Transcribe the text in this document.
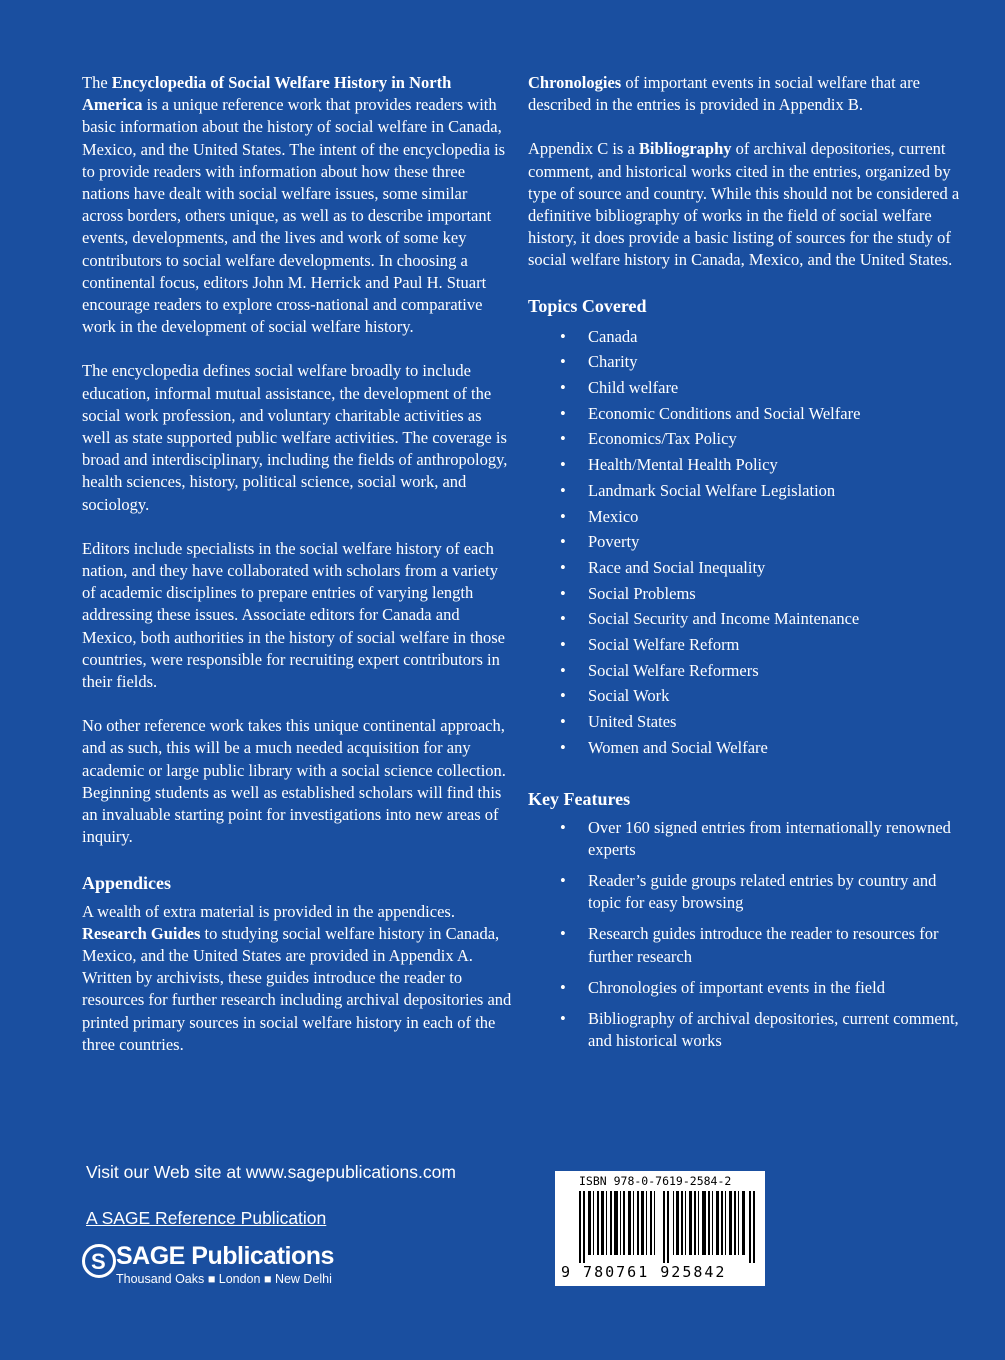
The Encyclopedia of Social Welfare History in North America is a unique reference work that provides readers with basic information about the history of social welfare in Canada, Mexico, and the United States. The intent of the encyclopedia is to provide readers with information about how these three nations have dealt with social welfare issues, some similar across borders, others unique, as well as to describe important events, developments, and the lives and work of some key contributors to social welfare developments. In choosing a continental focus, editors John M. Herrick and Paul H. Stuart encourage readers to explore cross-national and comparative work in the development of social welfare history.

The encyclopedia defines social welfare broadly to include education, informal mutual assistance, the development of the social work profession, and voluntary charitable activities as well as state supported public welfare activities. The coverage is broad and interdisciplinary, including the fields of anthropology, health sciences, history, political science, social work, and sociology.

Editors include specialists in the social welfare history of each nation, and they have collaborated with scholars from a variety of academic disciplines to prepare entries of varying length addressing these issues. Associate editors for Canada and Mexico, both authorities in the history of social welfare in those countries, were responsible for recruiting expert contributors in their fields.

No other reference work takes this unique continental approach, and as such, this will be a much needed acquisition for any academic or large public library with a social science collection. Beginning students as well as established scholars will find this an invaluable starting point for investigations into new areas of inquiry.

Appendices

A wealth of extra material is provided in the appendices. Research Guides to studying social welfare history in Canada, Mexico, and the United States are provided in Appendix A. Written by archivists, these guides introduce the reader to resources for further research including archival depositories and printed primary sources in social welfare history in each of the three countries.

Chronologies of important events in social welfare that are described in the entries is provided in Appendix B.

Appendix C is a Bibliography of archival depositories, current comment, and historical works cited in the entries, organized by type of source and country. While this should not be considered a definitive bibliography of works in the field of social welfare history, it does provide a basic listing of sources for the study of social welfare history in Canada, Mexico, and the United States.

Topics Covered
• Canada
• Charity
• Child welfare
• Economic Conditions and Social Welfare
• Economics/Tax Policy
• Health/Mental Health Policy
• Landmark Social Welfare Legislation
• Mexico
• Poverty
• Race and Social Inequality
• Social Problems
• Social Security and Income Maintenance
• Social Welfare Reform
• Social Welfare Reformers
• Social Work
• United States
• Women and Social Welfare
Key Features
• Over 160 signed entries from internationally renowned experts
• Reader’s guide groups related entries by country and topic for easy browsing
• Research guides introduce the reader to resources for further research
• Chronologies of important events in the field
• Bibliography of archival depositories, current comment, and historical works
Visit our Web site at www.sagepublications.com
A SAGE Reference Publication
S SAGE Publications
Thousand Oaks ■ London ■ New Delhi
ISBN 978-0-7619-2584-2
9 780761 925842
